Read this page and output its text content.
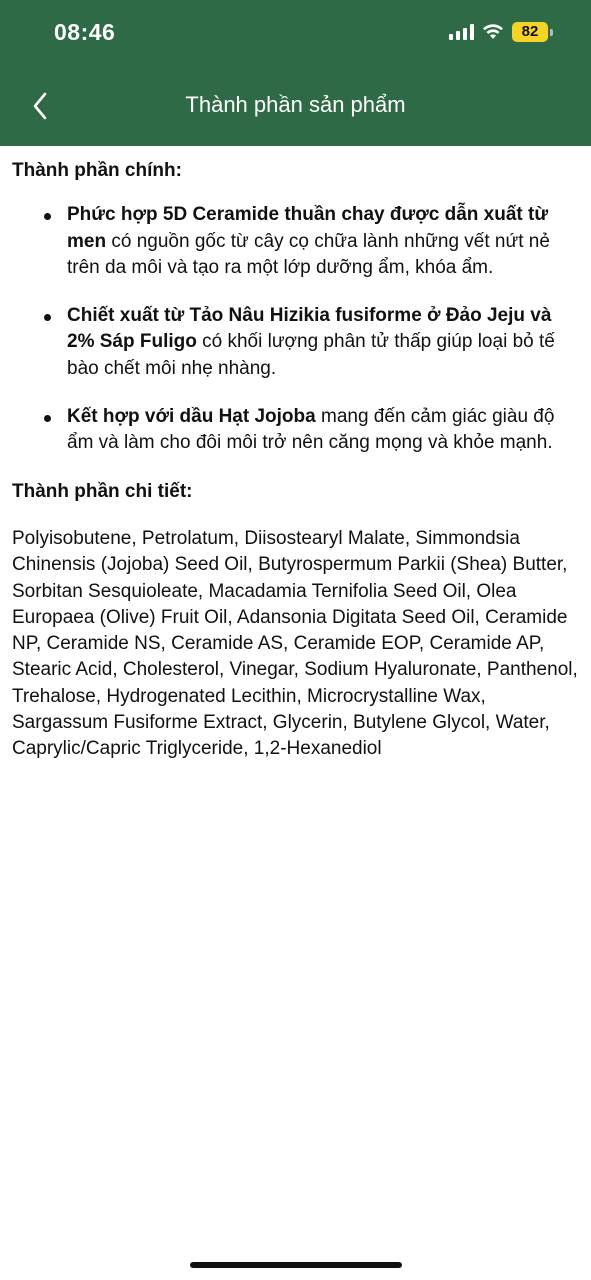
08:46	82
Thành phần sản phẩm

Thành phần chính:

Phức hợp 5D Ceramide thuần chay được dẫn xuất từ men có nguồn gốc từ cây cọ chữa lành những vết nứt nẻ trên da môi và tạo ra một lớp dưỡng ẩm, khóa ẩm.
Chiết xuất từ Tảo Nâu Hizikia fusiforme ở Đảo Jeju và 2% Sáp Fuligo có khối lượng phân tử thấp giúp loại bỏ tế bào chết môi nhẹ nhàng.
Kết hợp với dầu Hạt Jojoba mang đến cảm giác giàu độ ẩm và làm cho đôi môi trở nên căng mọng và khỏe mạnh.

Thành phần chi tiết:

Polyisobutene, Petrolatum, Diisostearyl Malate, Simmondsia Chinensis (Jojoba) Seed Oil, Butyrospermum Parkii (Shea) Butter, Sorbitan Sesquioleate, Macadamia Ternifolia Seed Oil, Olea Europaea (Olive) Fruit Oil, Adansonia Digitata Seed Oil, Ceramide NP, Ceramide NS, Ceramide AS, Ceramide EOP, Ceramide AP, Stearic Acid, Cholesterol, Vinegar, Sodium Hyaluronate, Panthenol, Trehalose, Hydrogenated Lecithin, Microcrystalline Wax, Sargassum Fusiforme Extract, Glycerin, Butylene Glycol, Water, Caprylic/Capric Triglyceride, 1,2-Hexanediol
